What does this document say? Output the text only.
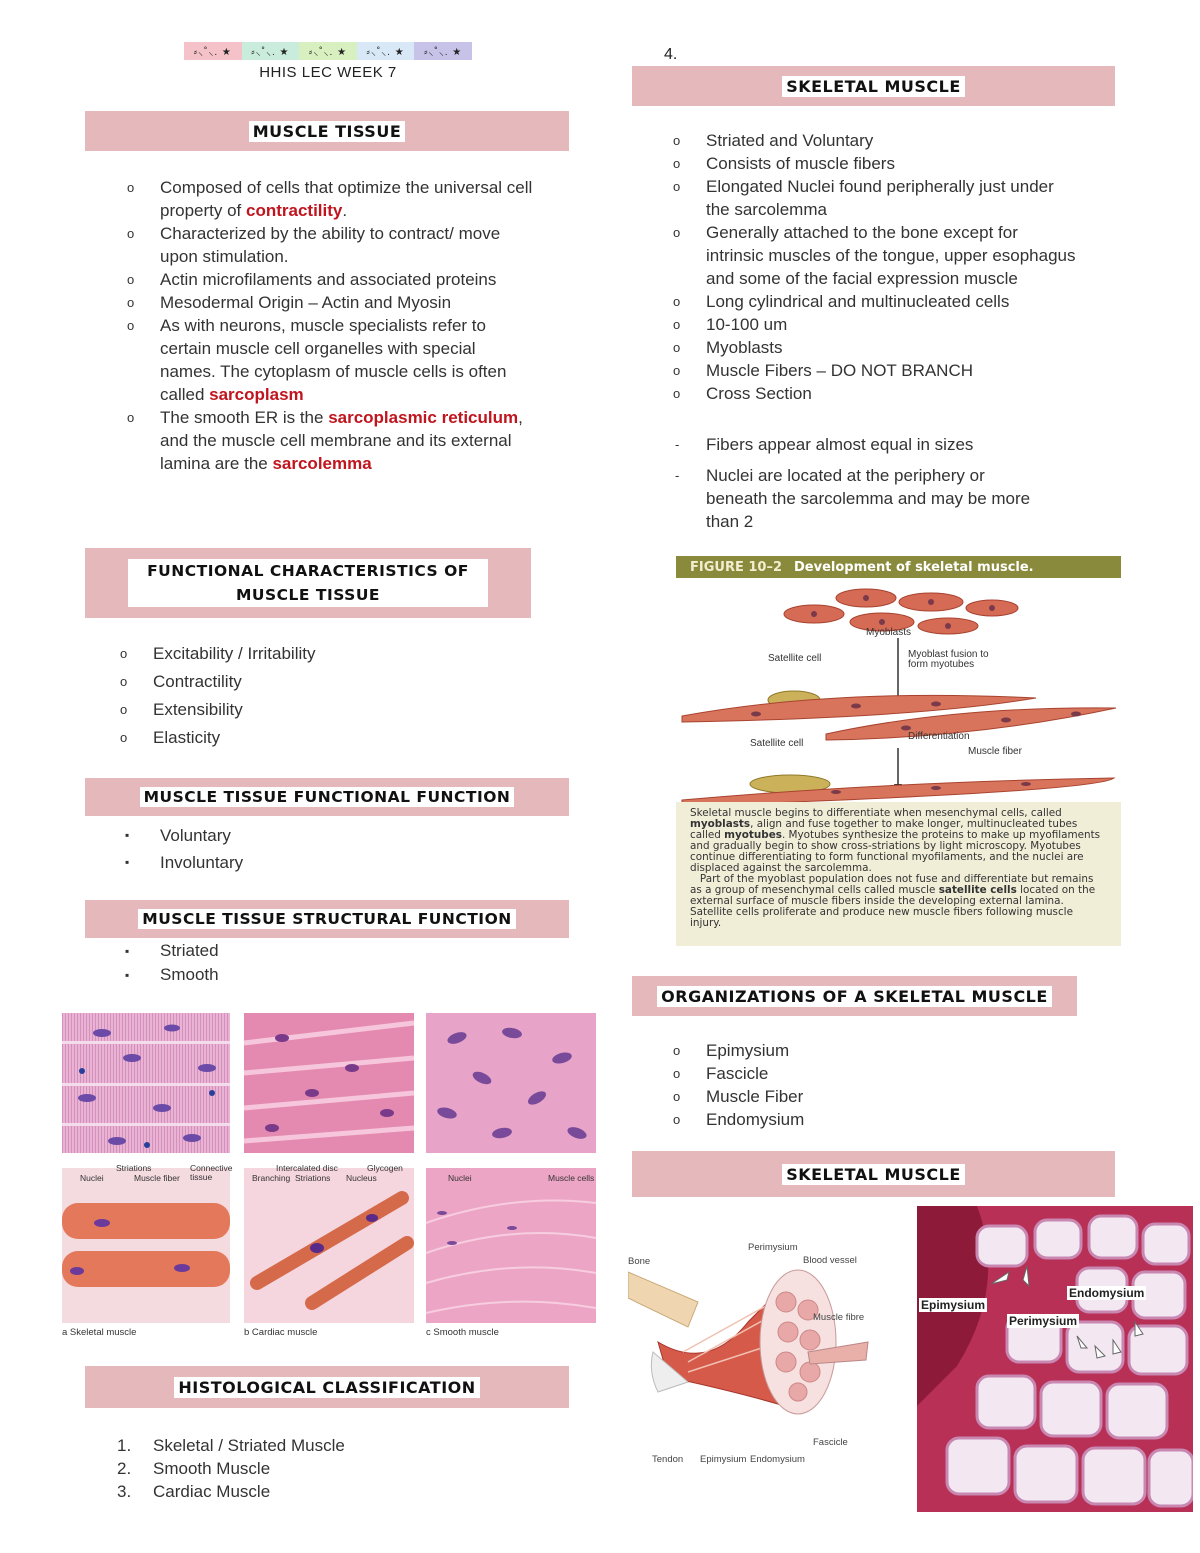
⸗⸜˚⸜. ★	⸗⸜˚⸜. ★	⸗⸜˚⸜. ★	⸗⸜˚⸜. ★	⸗⸜˚⸜. ★
HHIS LEC WEEK 7
MUSCLE TISSUE
o Composed of cells that optimize the universal cell property of contractility.
o Characterized by the ability to contract/ move upon stimulation.
o Actin microfilaments and associated proteins
o Mesodermal Origin – Actin and Myosin
o As with neurons, muscle specialists refer to certain muscle cell organelles with special names. The cytoplasm of muscle cells is often called sarcoplasm
o The smooth ER is the sarcoplasmic reticulum, and the muscle cell membrane and its external lamina are the sarcolemma
FUNCTIONAL CHARACTERISTICS OF MUSCLE TISSUE
o Excitability / Irritability
o Contractility
o Extensibility
o Elasticity
MUSCLE TISSUE FUNCTIONAL FUNCTION
▪ Voluntary
▪ Involuntary
MUSCLE TISSUE STRUCTURAL FUNCTION
▪ Striated
▪ Smooth
Nuclei
Striations
Muscle fiber
Connective tissue
Intercalated disc	Glycogen
Branching Striations Nucleus	Nuclei	Muscle cells
a Skeletal muscle	b Cardiac muscle	c Smooth muscle
HISTOLOGICAL CLASSIFICATION
1. Skeletal / Striated Muscle
2. Smooth Muscle
3. Cardiac Muscle
4.
SKELETAL MUSCLE
o Striated and Voluntary
o Consists of muscle fibers
o Elongated Nuclei found peripherally just under the sarcolemma
o Generally attached to the bone except for intrinsic muscles of the tongue, upper esophagus and some of the facial expression muscle
o Long cylindrical and multinucleated cells
o 10-100 um
o Myoblasts
o Muscle Fibers – DO NOT BRANCH
o Cross Section
- Fibers appear almost equal in sizes
- Nuclei are located at the periphery or beneath the sarcolemma and may be more than 2
FIGURE 10–2 Development of skeletal muscle.
Myoblasts
Satellite cell	Myoblast fusion to form myotubes
Differentiation
Satellite cell
Muscle fiber
Skeletal muscle begins to differentiate when mesenchymal cells, called myoblasts, align and fuse together to make longer, multinucleated tubes called myotubes. Myotubes synthesize the proteins to make up myofilaments and gradually begin to show cross-striations by light microscopy. Myotubes continue differentiating to form functional myofilaments, and the nuclei are displaced against the sarcolemma.
Part of the myoblast population does not fuse and differentiate but remains as a group of mesenchymal cells called muscle satellite cells located on the external surface of muscle fibers inside the developing external lamina. Satellite cells proliferate and produce new muscle fibers following muscle injury.
ORGANIZATIONS OF A SKELETAL MUSCLE
o Epimysium
o Fascicle
o Muscle Fiber
o Endomysium
SKELETAL MUSCLE
Bone
Perimysium
Blood vessel
Muscle fibre
Fascicle
Tendon Epimysium Endomysium
Epimysium
Perimysium
Endomysium
